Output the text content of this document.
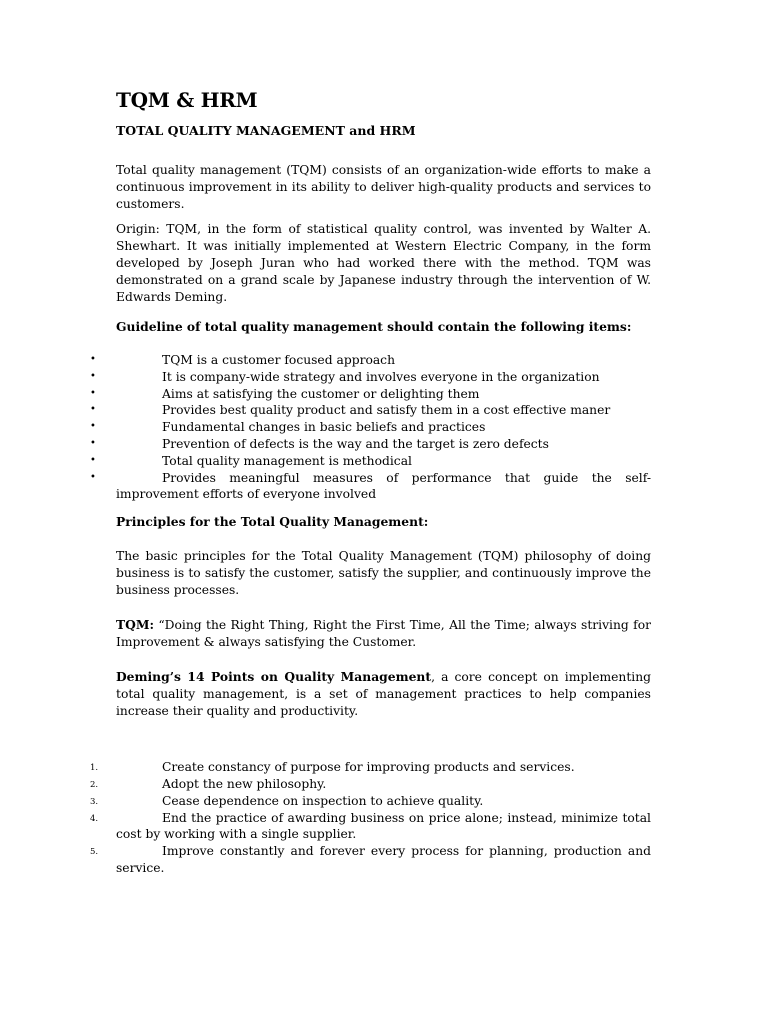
TQM & HRM

TOTAL QUALITY MANAGEMENT and HRM

Total quality management (TQM) consists of an organization-wide efforts to make a continuous improvement in its ability to deliver high-quality products and services to customers.

Origin: TQM, in the form of statistical quality control, was invented by Walter A. Shewhart. It was initially implemented at Western Electric Company, in the form developed by Joseph Juran who had worked there with the method. TQM was demonstrated on a grand scale by Japanese industry through the intervention of W. Edwards Deming.

Guideline of total quality management should contain the following items:

•	TQM is a customer focused approach
•	It is company-wide strategy and involves everyone in the organization
•	Aims at satisfying the customer or delighting them
•	Provides best quality product and satisfy them in a cost effective maner
•	Fundamental changes in basic beliefs and practices
•	Prevention of defects is the way and the target is zero defects
•	Total quality management is methodical
•	Provides meaningful measures of performance that guide the self-improvement efforts of everyone involved

Principles for the Total Quality Management:

The basic principles for the Total Quality Management (TQM) philosophy of doing business is to satisfy the customer, satisfy the supplier, and continuously improve the business processes.

TQM: “Doing the Right Thing, Right the First Time, All the Time; always striving for Improvement & always satisfying the Customer.

Deming’s 14 Points on Quality Management, a core concept on implementing total quality management, is a set of management practices to help companies increase their quality and productivity.

1.	Create constancy of purpose for improving products and services.
2.	Adopt the new philosophy.
3.	Cease dependence on inspection to achieve quality.
4.	End the practice of awarding business on price alone; instead, minimize total cost by working with a single supplier.
5.	Improve constantly and forever every process for planning, production and service.
